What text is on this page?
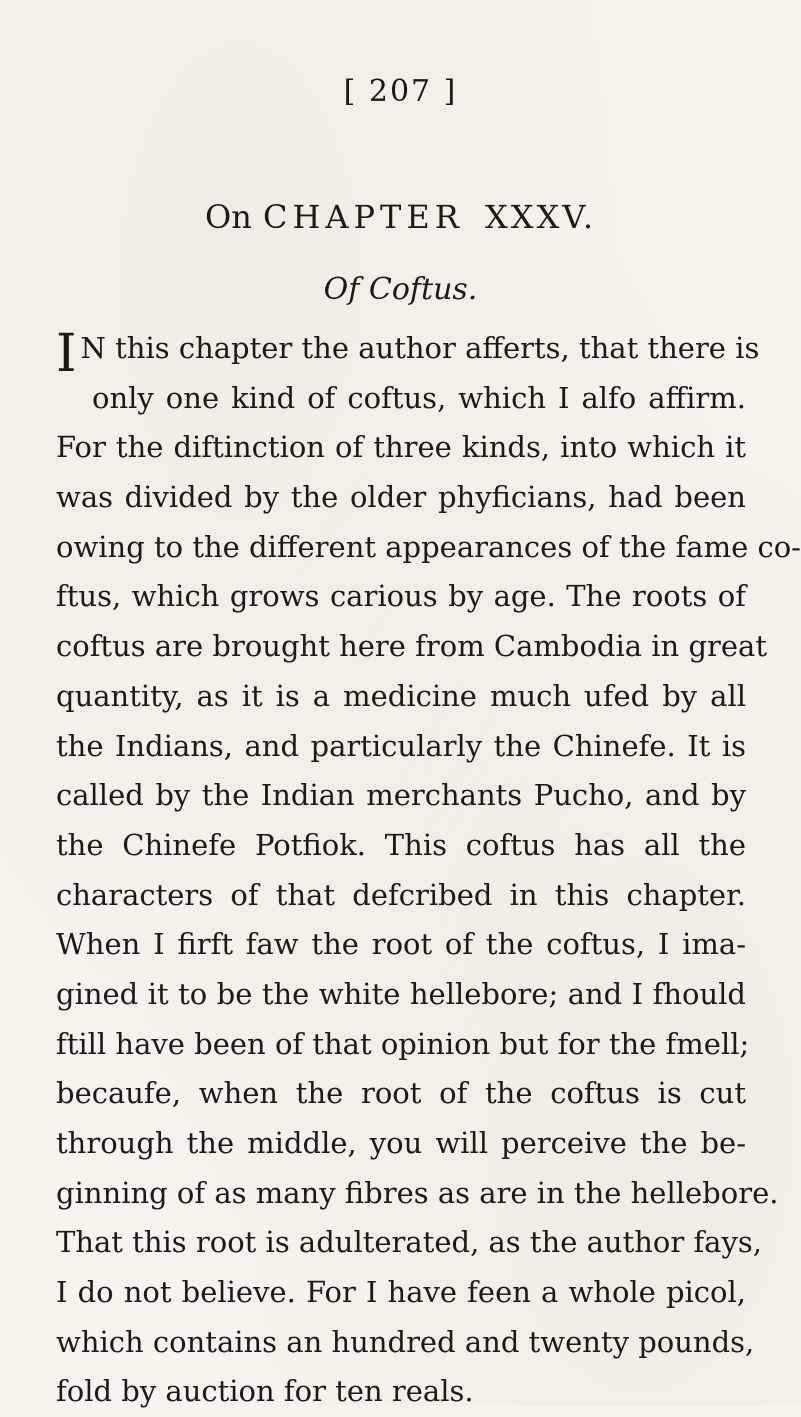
[ 207 ]
On CHAPTER XXXV.
Of Coftus.
I N this chapter the author afferts, that there is
only one kind of coftus, which I alfo affirm.
For the diftinction of three kinds, into which it
was divided by the older phyficians, had been
owing to the different appearances of the fame co-
ftus, which grows carious by age. The roots of
coftus are brought here from Cambodia in great
quantity, as it is a medicine much ufed by all
the Indians, and particularly the Chinefe. It is
called by the Indian merchants Pucho, and by
the Chinefe Potfiok. This coftus has all the
characters of that defcribed in this chapter.
When I firft faw the root of the coftus, I ima-
gined it to be the white hellebore; and I fhould
ftill have been of that opinion but for the fmell;
becaufe, when the root of the coftus is cut
through the middle, you will perceive the be-
ginning of as many fibres as are in the hellebore.
That this root is adulterated, as the author fays,
I do not believe. For I have feen a whole picol,
which contains an hundred and twenty pounds,
fold by auction for ten reals.
